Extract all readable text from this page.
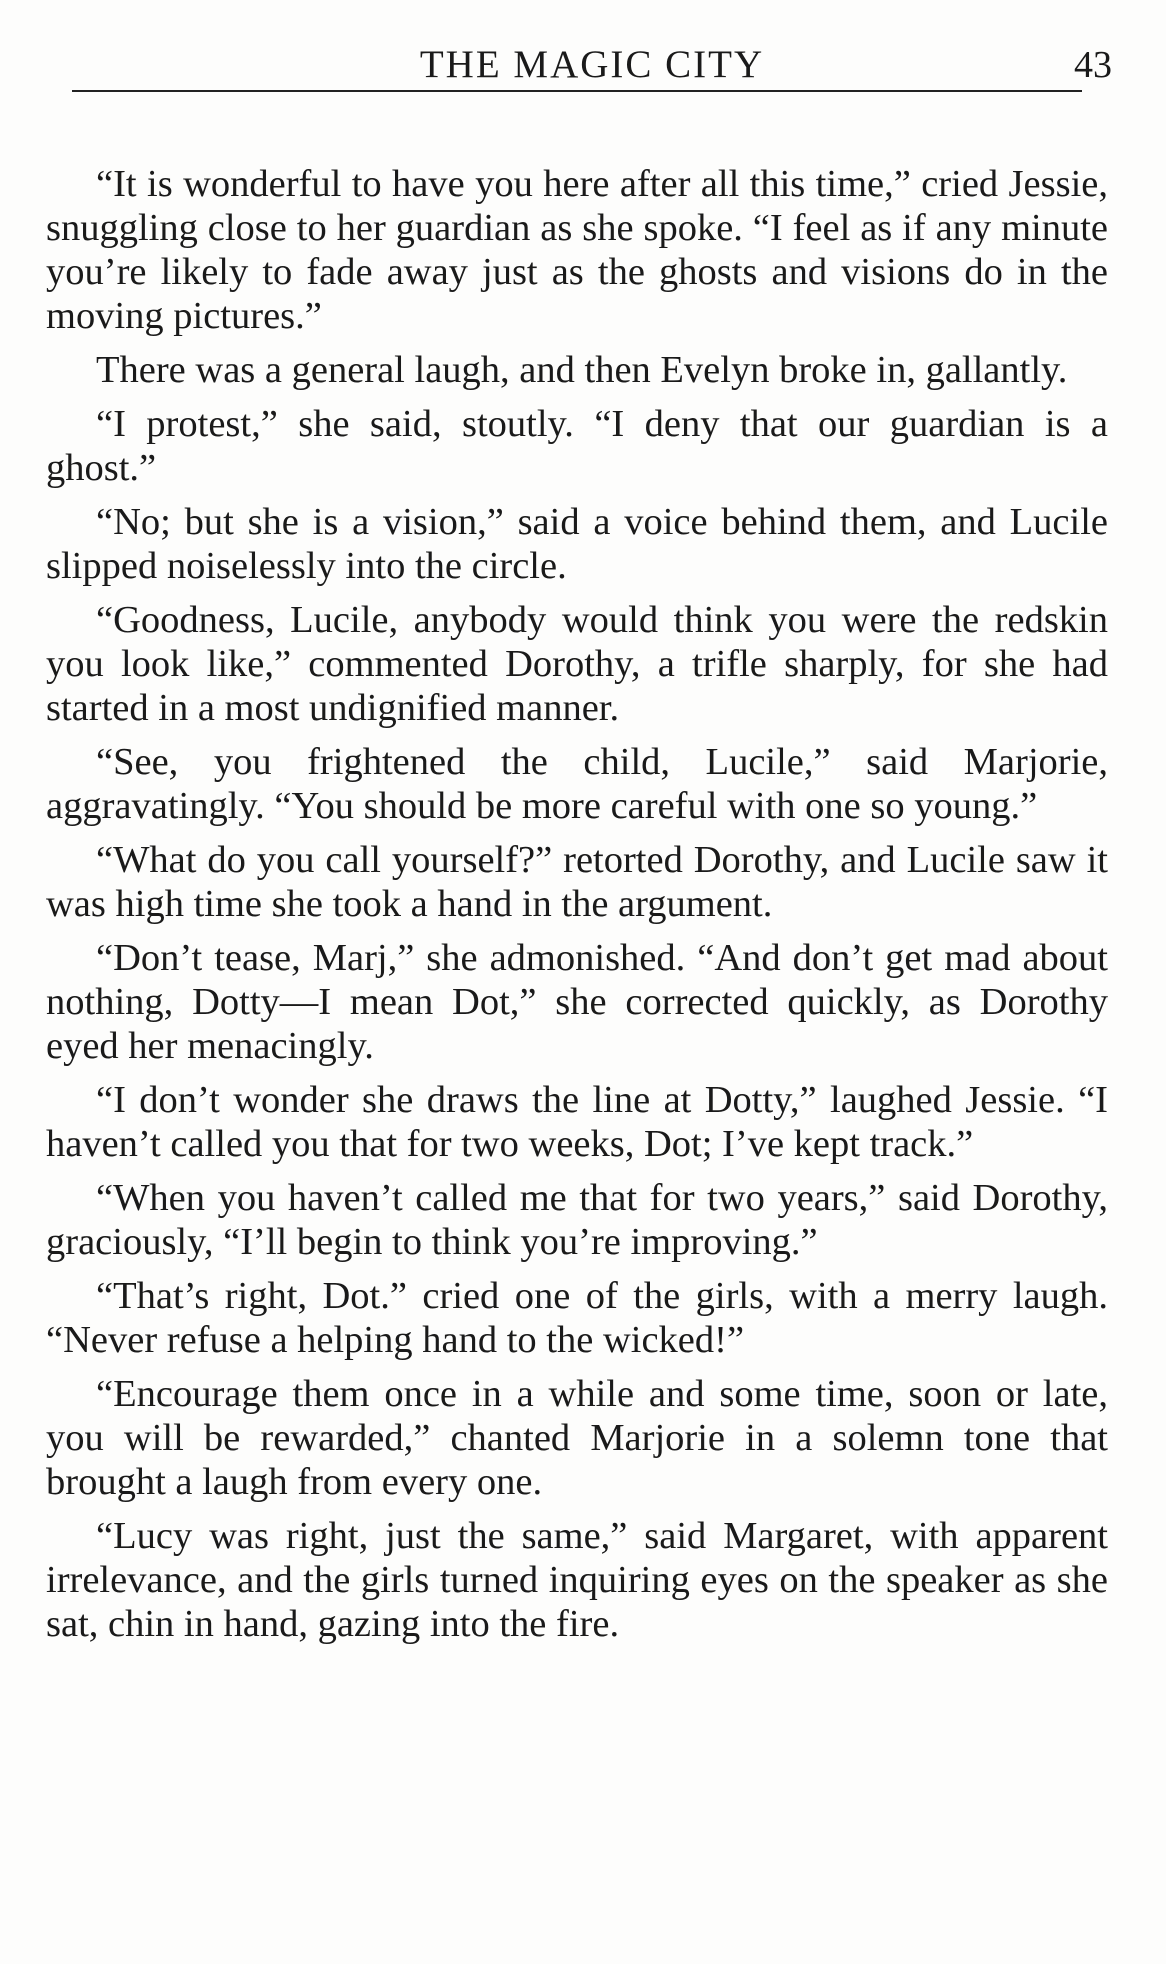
THE MAGIC CITY	43

“It is wonderful to have you here after all this time,” cried Jessie, snuggling close to her guardian as she spoke. “I feel as if any minute you’re likely to fade away just as the ghosts and visions do in the moving pictures.”

There was a general laugh, and then Evelyn broke in, gallantly.

“I protest,” she said, stoutly. “I deny that our guardian is a ghost.”

“No; but she is a vision,” said a voice behind them, and Lucile slipped noiselessly into the circle.

“Goodness, Lucile, anybody would think you were the redskin you look like,” commented Dorothy, a trifle sharply, for she had started in a most undignified manner.

“See, you frightened the child, Lucile,” said Marjorie, aggravatingly. “You should be more careful with one so young.”

“What do you call yourself?” retorted Dorothy, and Lucile saw it was high time she took a hand in the argument.

“Don’t tease, Marj,” she admonished. “And don’t get mad about nothing, Dotty—I mean Dot,” she corrected quickly, as Dorothy eyed her menacingly.

“I don’t wonder she draws the line at Dotty,” laughed Jessie. “I haven’t called you that for two weeks, Dot; I’ve kept track.”

“When you haven’t called me that for two years,” said Dorothy, graciously, “I’ll begin to think you’re improving.”

“That’s right, Dot.” cried one of the girls, with a merry laugh. “Never refuse a helping hand to the wicked!”

“Encourage them once in a while and some time, soon or late, you will be rewarded,” chanted Marjorie in a solemn tone that brought a laugh from every one.

“Lucy was right, just the same,” said Margaret, with apparent irrelevance, and the girls turned inquiring eyes on the speaker as she sat, chin in hand, gazing into the fire.
